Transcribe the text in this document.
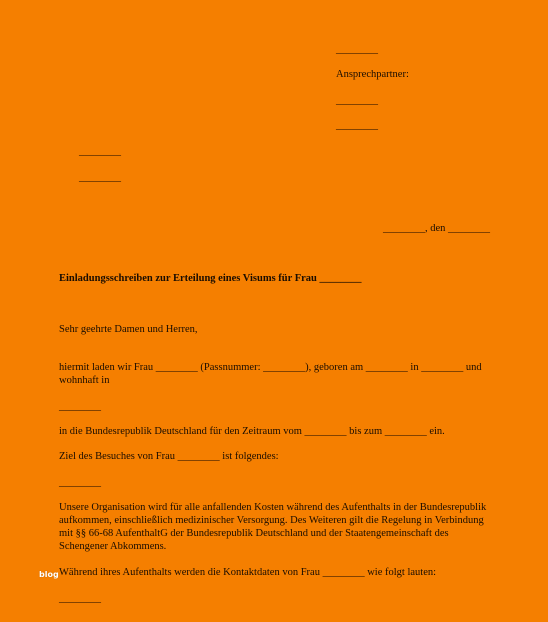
________
Ansprechpartner:
________
________
________
________
________, den ________
Einladungsschreiben zur Erteilung eines Visums für Frau ________
Sehr geehrte Damen und Herren,
hiermit laden wir Frau ________ (Passnummer: ________), geboren am ________ in ________ und wohnhaft in
________
in die Bundesrepublik Deutschland für den Zeitraum vom ________ bis zum ________ ein.
Ziel des Besuches von Frau ________ ist folgendes:
________
Unsere Organisation wird für alle anfallenden Kosten während des Aufenthalts in der Bundesrepublik aufkommen, einschließlich medizinischer Versorgung. Des Weiteren gilt die Regelung in Verbindung mit §§ 66-68 AufenthaltG der Bundesrepublik Deutschland und der Staatengemeinschaft des Schengener Abkommens.
Während ihres Aufenthalts werden die Kontaktdaten von Frau ________ wie folgt lauten:
________
blog
